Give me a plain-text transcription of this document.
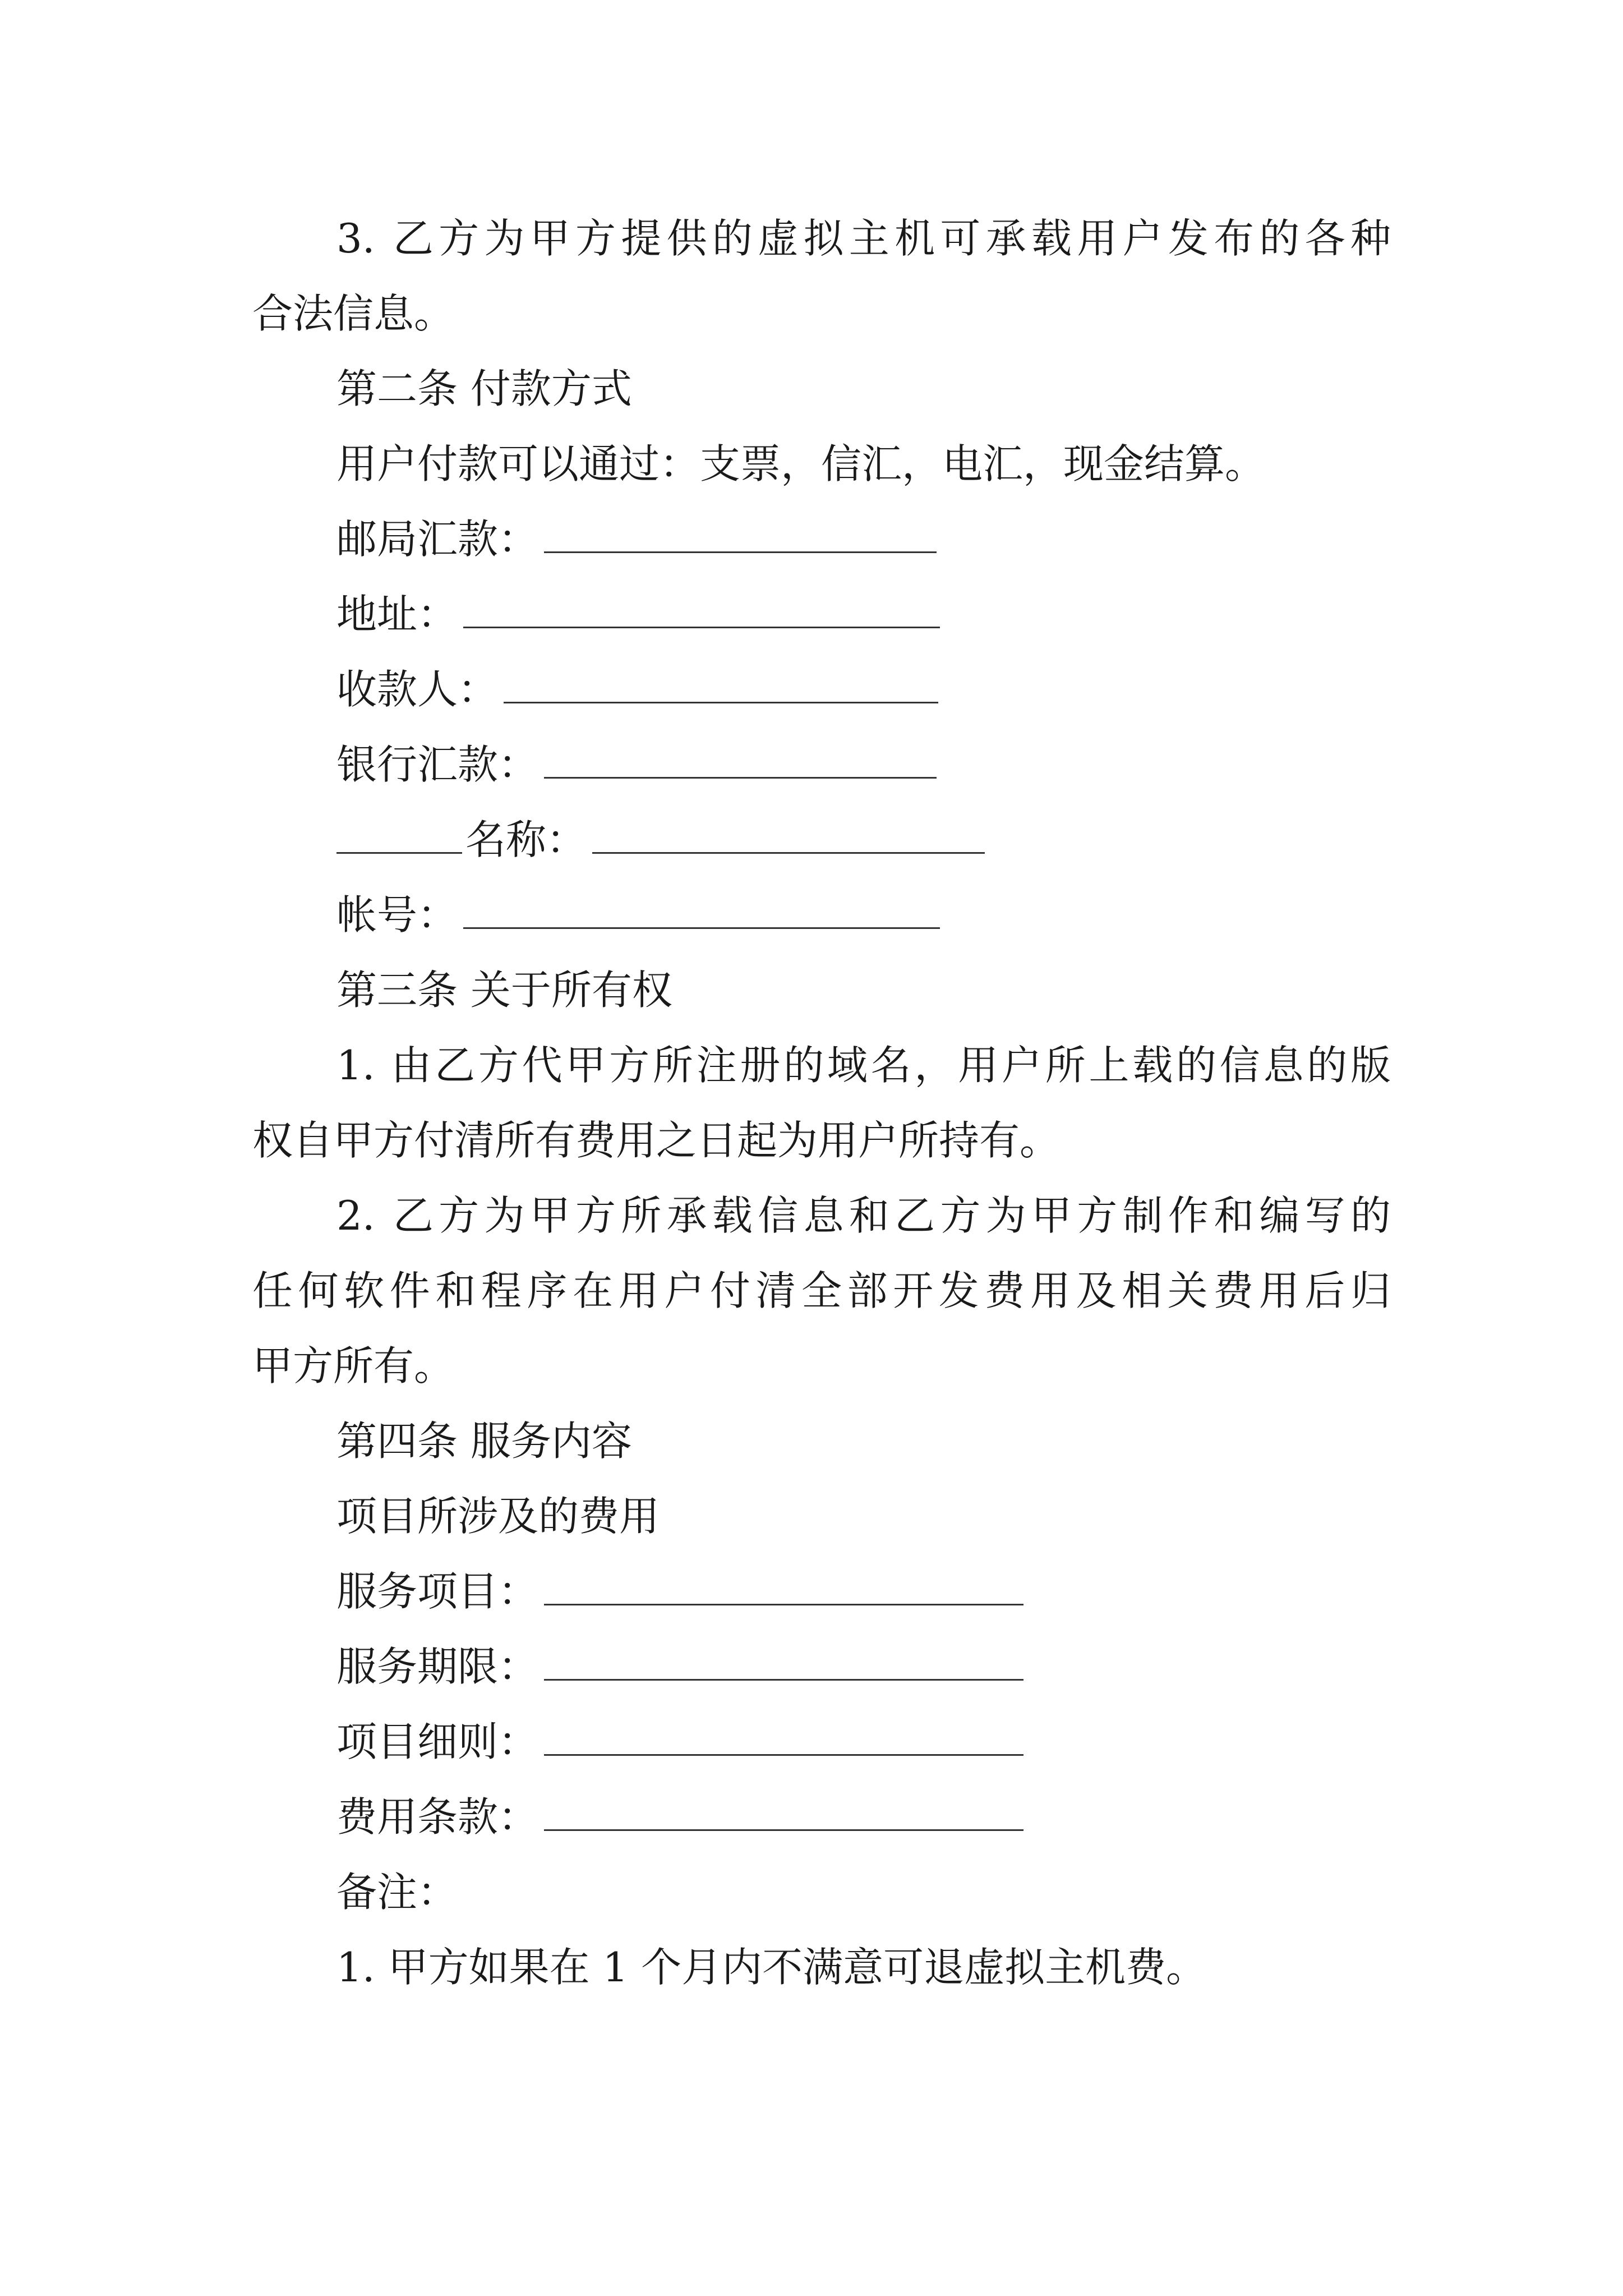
3. 乙方为甲方提供的虚拟主机可承载用户发布的各种
合法信息。
第二条 付款方式
用户付款可以通过：支票，信汇，电汇，现金结算。
邮局汇款：
地址：
收款人：
银行汇款：
名称：
帐号：
第三条 关于所有权
1. 由乙方代甲方所注册的域名，用户所上载的信息的版
权自甲方付清所有费用之日起为用户所持有。
2. 乙方为甲方所承载信息和乙方为甲方制作和编写的
任何软件和程序在用户付清全部开发费用及相关费用后归
甲方所有。
第四条 服务内容
项目所涉及的费用
服务项目：
服务期限：
项目细则：
费用条款：
备注：
1. 甲方如果在 1 个月内不满意可退虚拟主机费。
